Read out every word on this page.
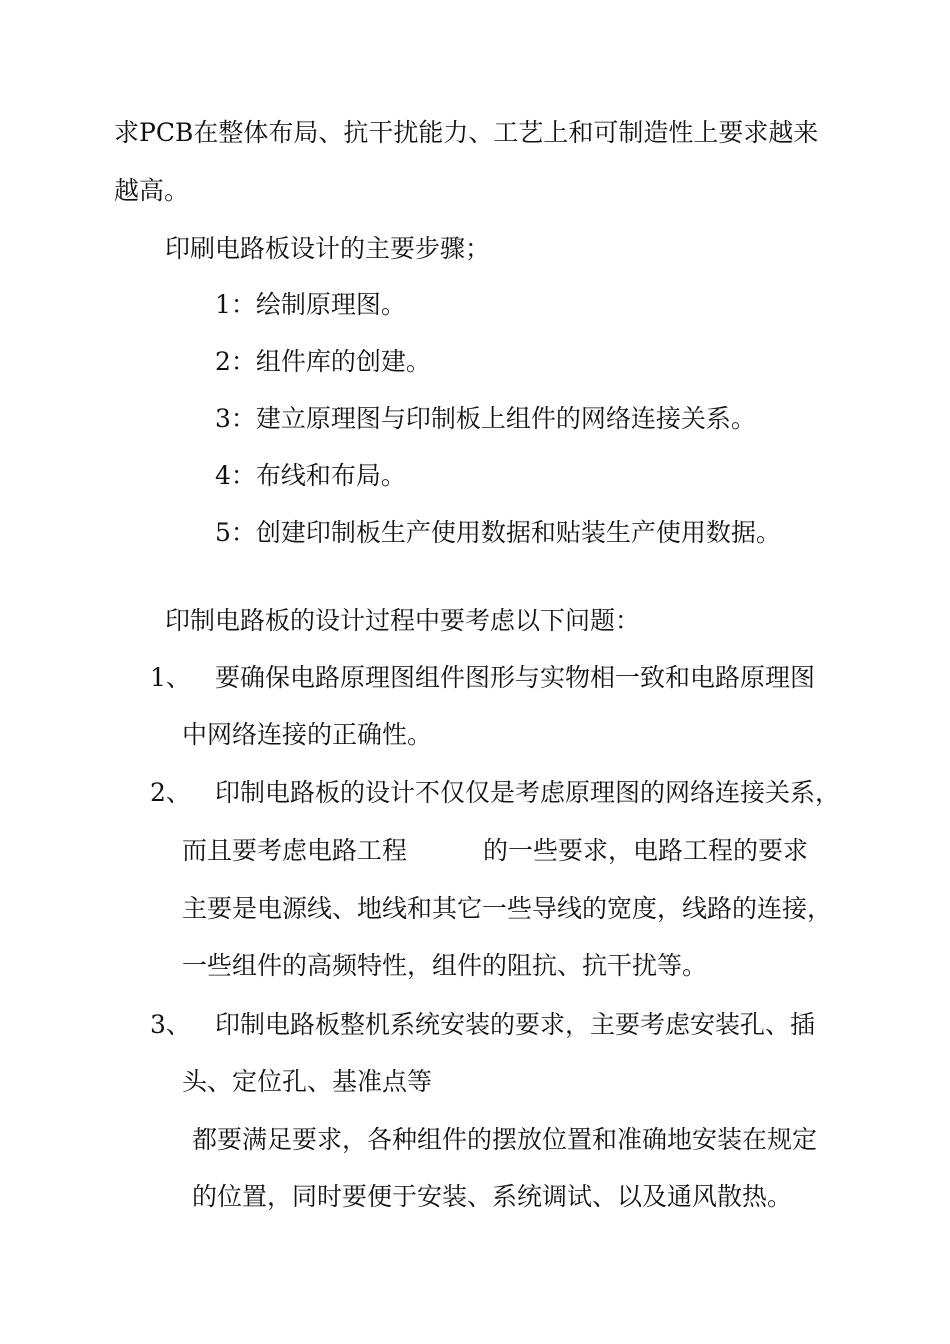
求PCB在整体布局、抗干扰能力、工艺上和可制造性上要求越来

越高。

印刷电路板设计的主要步骤；

1：绘制原理图。

2：组件库的创建。

3：建立原理图与印制板上组件的网络连接关系。

4：布线和布局。

5：创建印制板生产使用数据和贴装生产使用数据。

印制电路板的设计过程中要考虑以下问题：

1、 要确保电路原理图组件图形与实物相一致和电路原理图

中网络连接的正确性。

2、 印制电路板的设计不仅仅是考虑原理图的网络连接关系，

而且要考虑电路工程	的一些要求，电路工程的要求

主要是电源线、地线和其它一些导线的宽度，线路的连接，

一些组件的高频特性，组件的阻抗、抗干扰等。

3、 印制电路板整机系统安装的要求，主要考虑安装孔、插

头、定位孔、基准点等

都要满足要求，各种组件的摆放位置和准确地安装在规定

的位置，同时要便于安装、系统调试、以及通风散热。
